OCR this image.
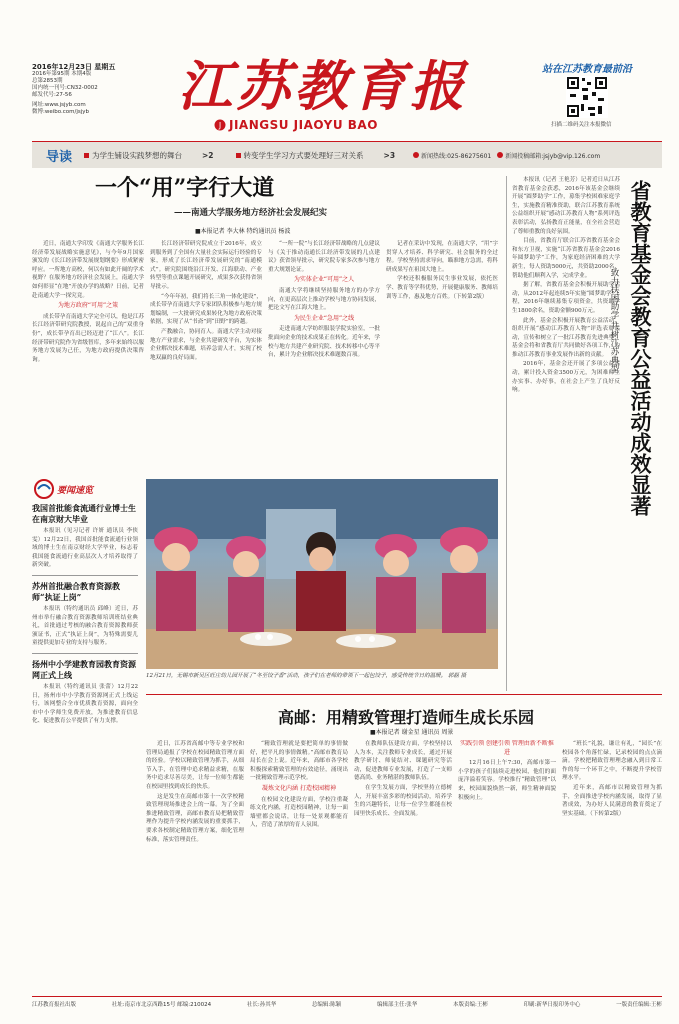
2016年12月23日 星期五
2016年第95期 本期4版
总第2853期
国内统一刊号:CN32-0002
邮发代号:27-56
网址:www.jsjyb.com
微博:weibo.com/jsjyb	江苏教育报
J JIANGSU JIAOYU BAO
站在江苏教育最前沿
扫描二维码关注本报微信
导读	为学生铺设实践梦想的舞台	>2	转变学生学习方式要处理好三对关系	>3	新闻热线:025-86275601 新闻投稿邮箱:jsjyb@vip.126.com
一个“用”字行大道
——南通大学服务地方经济社会发展纪实
■本报记者 李大林 特约通讯员 杨波

近日，南通大学印发《南通大学服务长江经济带发展战略实施意见》，与今年9月国家颁发的《长江经济带发展规划纲要》形成紧密呼应。一所地方高校，何以有如此开阔的学术视野？在服务地方经济社会发展上，南通大学如何彰显“在地”开放办学的战略？日前，记者赴南通大学一探究竟。

为地方政府“可用”之策

成长带孕育南通大学完全可以，他是江苏长江经济带研究院教授，说起自己的“双重身份”，成长带孕育出已经迈进了“江八”。长江经济带研究院作为省级智库，多年来始终以服务地方发展为己任，为地方政府提供决策咨询。

长江经济带研究院成立于2016年，成立到服务到了全国有大量社会实际运行经验的专家，形成了长江经济带发展研究的“南通模式”。研究院围绕沿江开发、江海联动、产业转型等重点课题开展研究，成果多次获得省领导批示。

“今年年初，我们将长三角一体化建设”，成长带孕育南通大学专家团队积极参与地方规划编制，一大批研究成果转化为地方政府决策依据，实现了从“书斋”到“田野”的跨越。

产教融合，协同育人。南通大学主动对接地方产业需求，与企业共建研发平台，为实体企业解决技术难题，培养急需人才，实现了校地双赢的良好局面。

“一所一院”与长江经济带战略的几点建议与《关于推动南通长江经济带发展的几点建议》获省领导批示，研究院专家多次参与地方重大规划论证。

为实体企业“可用”之人

南通大学将继续坚持服务地方的办学方向，在更高层次上推动学校与地方协同发展，把论文写在江海大地上。

为民生企业“急用”之线

走进南通大学纺织服装学院实验室，一批批面向企业的技术成果正在转化。近年来，学校与地方共建产业研究院、技术转移中心等平台，累计为企业解决技术难题数百项。

记者在采访中发现，在南通大学，“用”字贯穿人才培养、科学研究、社会服务的全过程。学校坚持需求导向，瞄准地方急需，将科研成果写在祖国大地上。

学校还积极服务民生事业发展，依托医学、教育等学科优势，开展健康服务、教师培训等工作，惠及地方百姓。（下转第2版）

要闻速览
我国首批能食流通行业博士生在南京财大毕业
本报讯（见习记者 许妍 通讯员 李侠雯）12月22日，我国首批能食流通行业领域的博士生在南京财经大学毕业，标志着我国能食流通行业高层次人才培养取得了新突破。
苏州首批融合教育资源教师“执证上岗”
本报讯（特约通讯员 邱峰）近日，苏州市举行融合教育资源教师培训班结业典礼，首批通过考核的融合教育资源教师获颁证书，正式“执证上岗”，为特殊需要儿童提供更加专业的支持与服务。
扬州中小学建教育园教育资源网正式上线
本报讯（特约通讯员 张蕾）12月22日，扬州市中小学教育资源网正式上线运行，该网整合全市优质教育资源，面向全市中小学师生免费开放，为推进教育信息化、促进教育公平提供了有力支撑。
12月21日，无锡市新吴区旺庄幼儿园开展了“冬至饺子香”活动，孩子们在老师的带领下一起包饺子，感受传统节日的温暖。 郭磊 摄

本报讯（记者 王艳芳）记者近日从江苏省教育基金会获悉，2016年该基金会继续开展“圆梦助学”工作，募集学校困难家庭学生，实施教育精准资助，联合江苏教育系统公益组织开展“感动江苏教育人物”系列评选表彰活动，弘扬教育正能量，在全社会营造了尊师重教的良好氛围。

目前，省教育厅联合江苏省教育基金会和东方卫视，实施“江苏省教育基金会2016年圆梦助学”工作，为家庭经济困难的大学新生，每人资助5000元，共资助2000名，帮助他们顺利入学，完成学业。

据了解，省教育基金会积极开展助学活动，从2012年起连续5年实施“圆梦助学”工程，2016年继续募集专项资金，共资助学生1800余名，资助金额900万元。

此外，基金会积极开展教育公益活动，组织开展“感动江苏教育人物”评选表彰活动，宣传和树立了一批江苏教育先进典型，基金会将和省教育厅共同做好各项工作，为推动江苏教育事业发展作出新的贡献。

2016年，基金会还开展了多项公益活动，累计投入资金3500万元，为困难师生办实事、办好事，在社会上产生了良好反响。	省教育基金会教育公益活动成效显著
致力扶困助学 共树江苏典型
高邮：用精致管理打造师生成长乐园
■本报记者 谢金星 通讯员 周景

近日，江苏省高邮中等专业学校和管理局通报了学校在校园精致管理方面的经验。学校以精致管理为抓手，从细节入手，在管理中追求精益求精，在服务中追求尽善尽美，让每一位师生都能在校园里找到成长的快乐。

这是发生在高邮市第十一次学校精致管理现场推进会上的一幕。为了全面推进精致管理，高邮市教育局把精致管理作为提升学校内涵发展的重要抓手，要求各校制定精致管理方案，细化管理标准，落实管理责任。

“精致管理就是要把简单的事情做好，把平凡的事情做精。”高邮市教育局局长在会上说。近年来，高邮市各学校积极探索精致管理的有效途径，涌现出一批精致管理示范学校。

凝炼文化内涵 打造校园精神

在校园文化建设方面，学校注重凝练文化内涵，打造校园精神，让每一面墙壁都会说话，让每一处景观都能育人，营造了浓厚的育人氛围。

在教师队伍建设方面，学校坚持以人为本，关注教师专业成长，通过开展教学研讨、师徒结对、课题研究等活动，促进教师专业发展，打造了一支师德高尚、业务精湛的教师队伍。

在学生发展方面，学校坚持立德树人，开展丰富多彩的校园活动，培养学生的兴趣特长，让每一位学生都能在校园里快乐成长、全面发展。

实践引领 创建引领 管理由新不断推进

12月16日上午7:30，高邮市第一小学的孩子们陆续走进校园，他们的面庞洋溢着笑容。学校推行“精致管理”以来，校园面貌焕然一新，师生精神面貌积极向上。

“班长”礼貌，谦让有礼，“园长”在校园各个角落忙碌，记录校园的点点滴滴。学校把精致管理理念融入到日常工作的每一个环节之中，不断提升学校管理水平。

近年来，高邮市以精致管理为抓手，全面推进学校内涵发展，取得了显著成效，为办好人民满意的教育奠定了坚实基础。（下转第2版）

江苏教育报社出版	社址:南京市北京西路15号 邮编:210024	社长:孙其华	总编辑:陈颖	编辑部主任:张华	本版责编:王彬	印刷:新华日报印务中心	一版责任编辑:王彬
